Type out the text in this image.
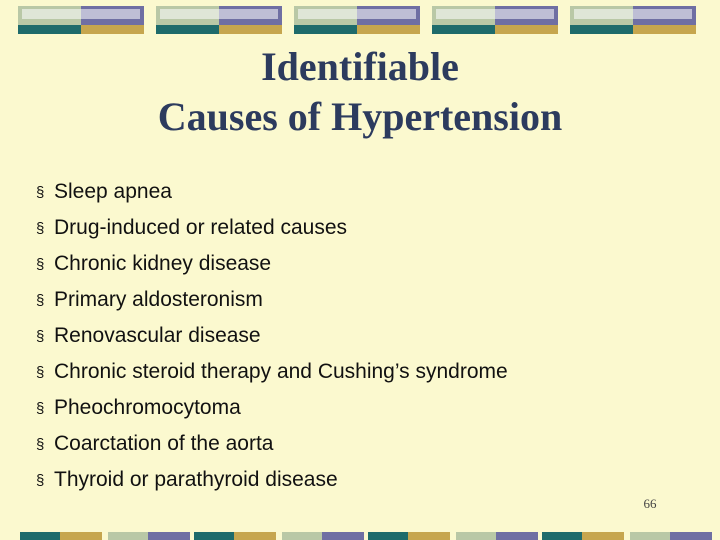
Identifiable
Causes of Hypertension
§ Sleep apnea
§ Drug-induced or related causes
§ Chronic kidney disease
§ Primary aldosteronism
§ Renovascular disease
§ Chronic steroid therapy and Cushing’s syndrome
§ Pheochromocytoma
§ Coarctation of the aorta
§ Thyroid or parathyroid disease
66
